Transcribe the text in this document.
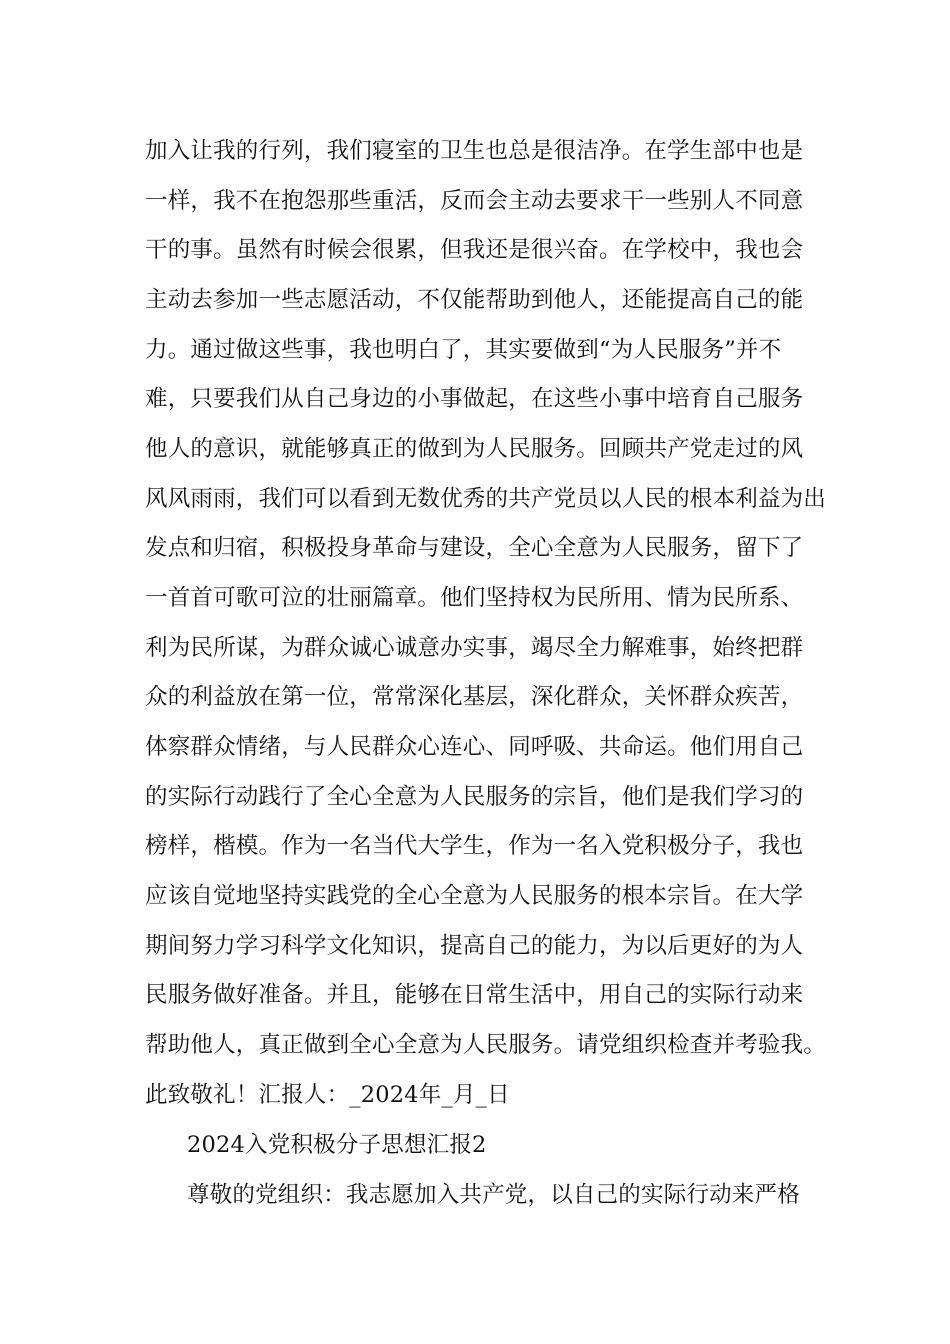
加入让我的行列，我们寝室的卫生也总是很洁净。在学生部中也是
一样，我不在抱怨那些重活，反而会主动去要求干一些别人不同意
干的事。虽然有时候会很累，但我还是很兴奋。在学校中，我也会
主动去参加一些志愿活动，不仅能帮助到他人，还能提高自己的能
力。通过做这些事，我也明白了，其实要做到“为人民服务”并不
难，只要我们从自己身边的小事做起，在这些小事中培育自己服务
他人的意识，就能够真正的做到为人民服务。回顾共产党走过的风
风风雨雨，我们可以看到无数优秀的共产党员以人民的根本利益为出
发点和归宿，积极投身革命与建设，全心全意为人民服务，留下了
一首首可歌可泣的壮丽篇章。他们坚持权为民所用、情为民所系、
利为民所谋，为群众诚心诚意办实事，竭尽全力解难事，始终把群
众的利益放在第一位，常常深化基层，深化群众，关怀群众疾苦，
体察群众情绪，与人民群众心连心、同呼吸、共命运。他们用自己
的实际行动践行了全心全意为人民服务的宗旨，他们是我们学习的
榜样，楷模。作为一名当代大学生，作为一名入党积极分子，我也
应该自觉地坚持实践党的全心全意为人民服务的根本宗旨。在大学
期间努力学习科学文化知识，提高自己的能力，为以后更好的为人
民服务做好准备。并且，能够在日常生活中，用自己的实际行动来
帮助他人，真正做到全心全意为人民服务。请党组织检查并考验我。
此致敬礼！汇报人：_2024年_月_日
2024入党积极分子思想汇报2
尊敬的党组织：我志愿加入共产党，以自己的实际行动来严格
